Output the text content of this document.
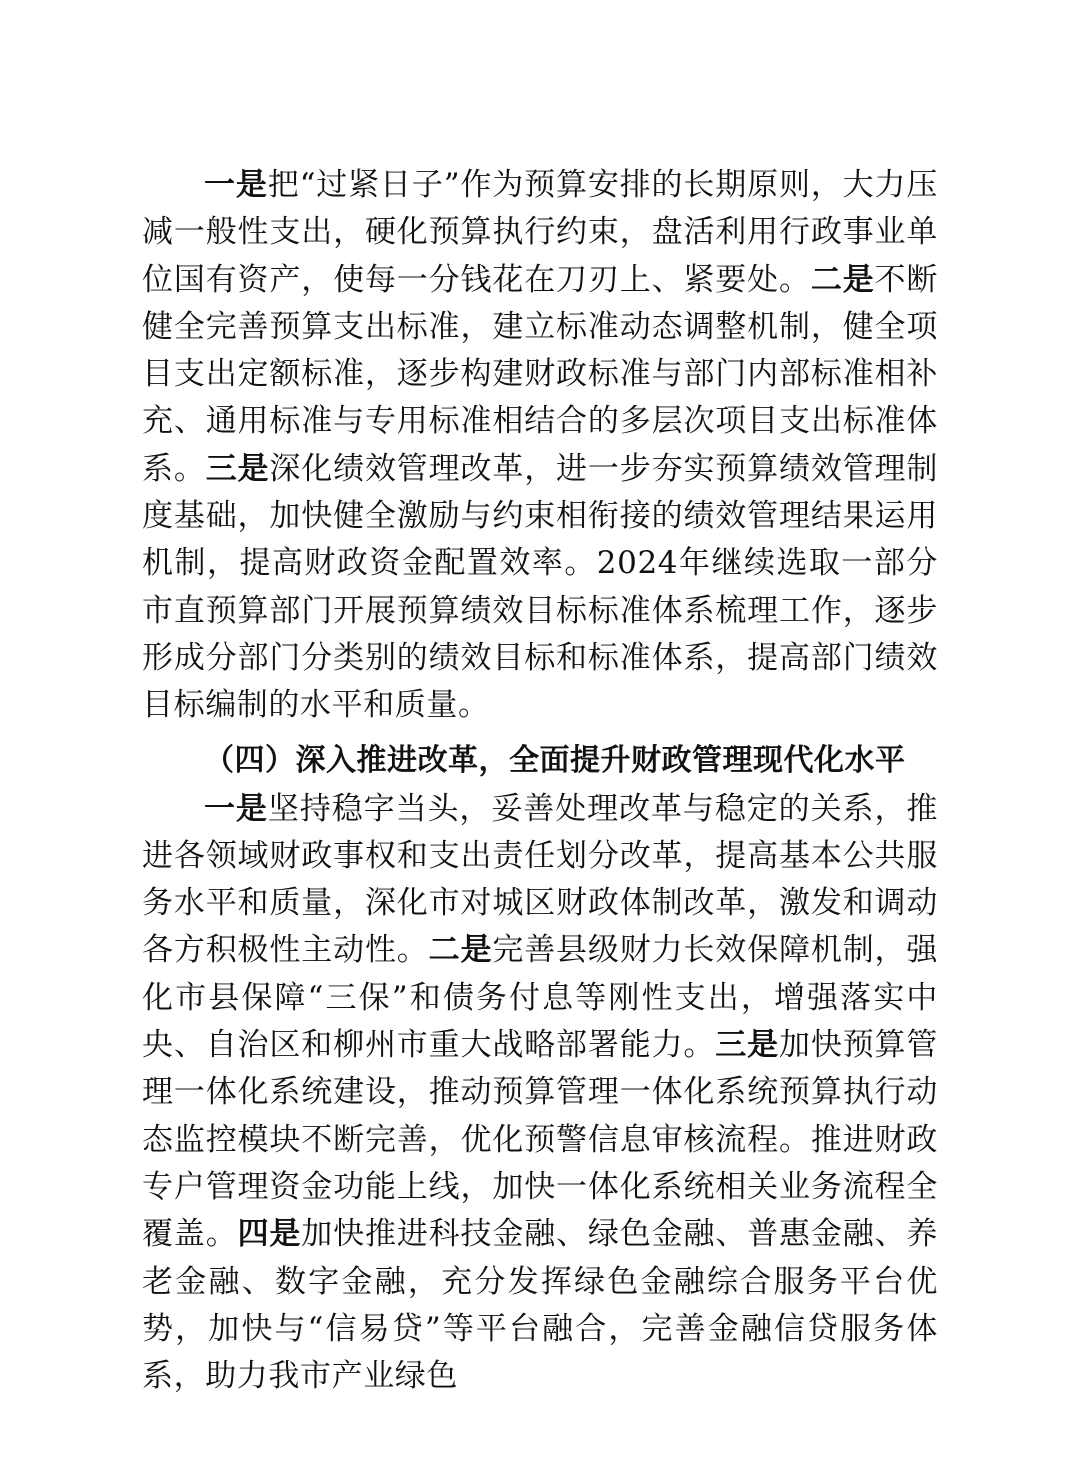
一是把“过紧日子”作为预算安排的长期原则，大力压减一般性支出，硬化预算执行约束，盘活利用行政事业单位国有资产，使每一分钱花在刀刃上、紧要处。二是不断健全完善预算支出标准，建立标准动态调整机制，健全项目支出定额标准，逐步构建财政标准与部门内部标准相补充、通用标准与专用标准相结合的多层次项目支出标准体系。三是深化绩效管理改革，进一步夯实预算绩效管理制度基础，加快健全激励与约束相衔接的绩效管理结果运用机制，提高财政资金配置效率。2024年继续选取一部分市直预算部门开展预算绩效目标标准体系梳理工作，逐步形成分部门分类别的绩效目标和标准体系，提高部门绩效目标编制的水平和质量。

（四）深入推进改革，全面提升财政管理现代化水平

一是坚持稳字当头，妥善处理改革与稳定的关系，推进各领域财政事权和支出责任划分改革，提高基本公共服务水平和质量，深化市对城区财政体制改革，激发和调动各方积极性主动性。二是完善县级财力长效保障机制，强化市县保障“三保”和债务付息等刚性支出，增强落实中央、自治区和柳州市重大战略部署能力。三是加快预算管理一体化系统建设，推动预算管理一体化系统预算执行动态监控模块不断完善，优化预警信息审核流程。推进财政专户管理资金功能上线，加快一体化系统相关业务流程全覆盖。四是加快推进科技金融、绿色金融、普惠金融、养老金融、数字金融，充分发挥绿色金融综合服务平台优势，加快与“信易贷”等平台融合，完善金融信贷服务体系，助力我市产业绿色
